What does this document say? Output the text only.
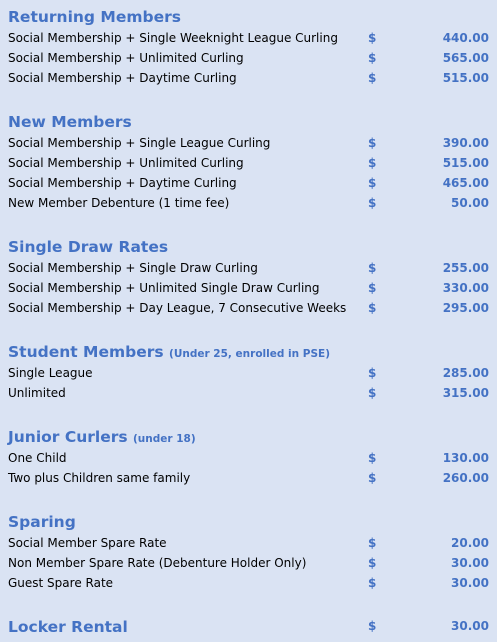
Returning Members
Social Membership + Single Weeknight League Curling	$	440.00
Social Membership + Unlimited Curling	$	565.00
Social Membership + Daytime Curling	$	515.00
New Members
Social Membership + Single League Curling	$	390.00
Social Membership + Unlimited Curling	$	515.00
Social Membership + Daytime Curling	$	465.00
New Member Debenture (1 time fee)	$	50.00
Single Draw Rates
Social Membership + Single Draw Curling	$	255.00
Social Membership + Unlimited Single Draw Curling	$	330.00
Social Membership + Day League, 7 Consecutive Weeks $	295.00
Student Members (Under 25, enrolled in PSE)
Single League	$	285.00
Unlimited	$	315.00
Junior Curlers (under 18)
One Child	$	130.00
Two plus Children same family	$	260.00
Sparing
Social Member Spare Rate	$	20.00
Non Member Spare Rate (Debenture Holder Only)	$	30.00
Guest Spare Rate	$	30.00
Locker Rental	$	30.00
